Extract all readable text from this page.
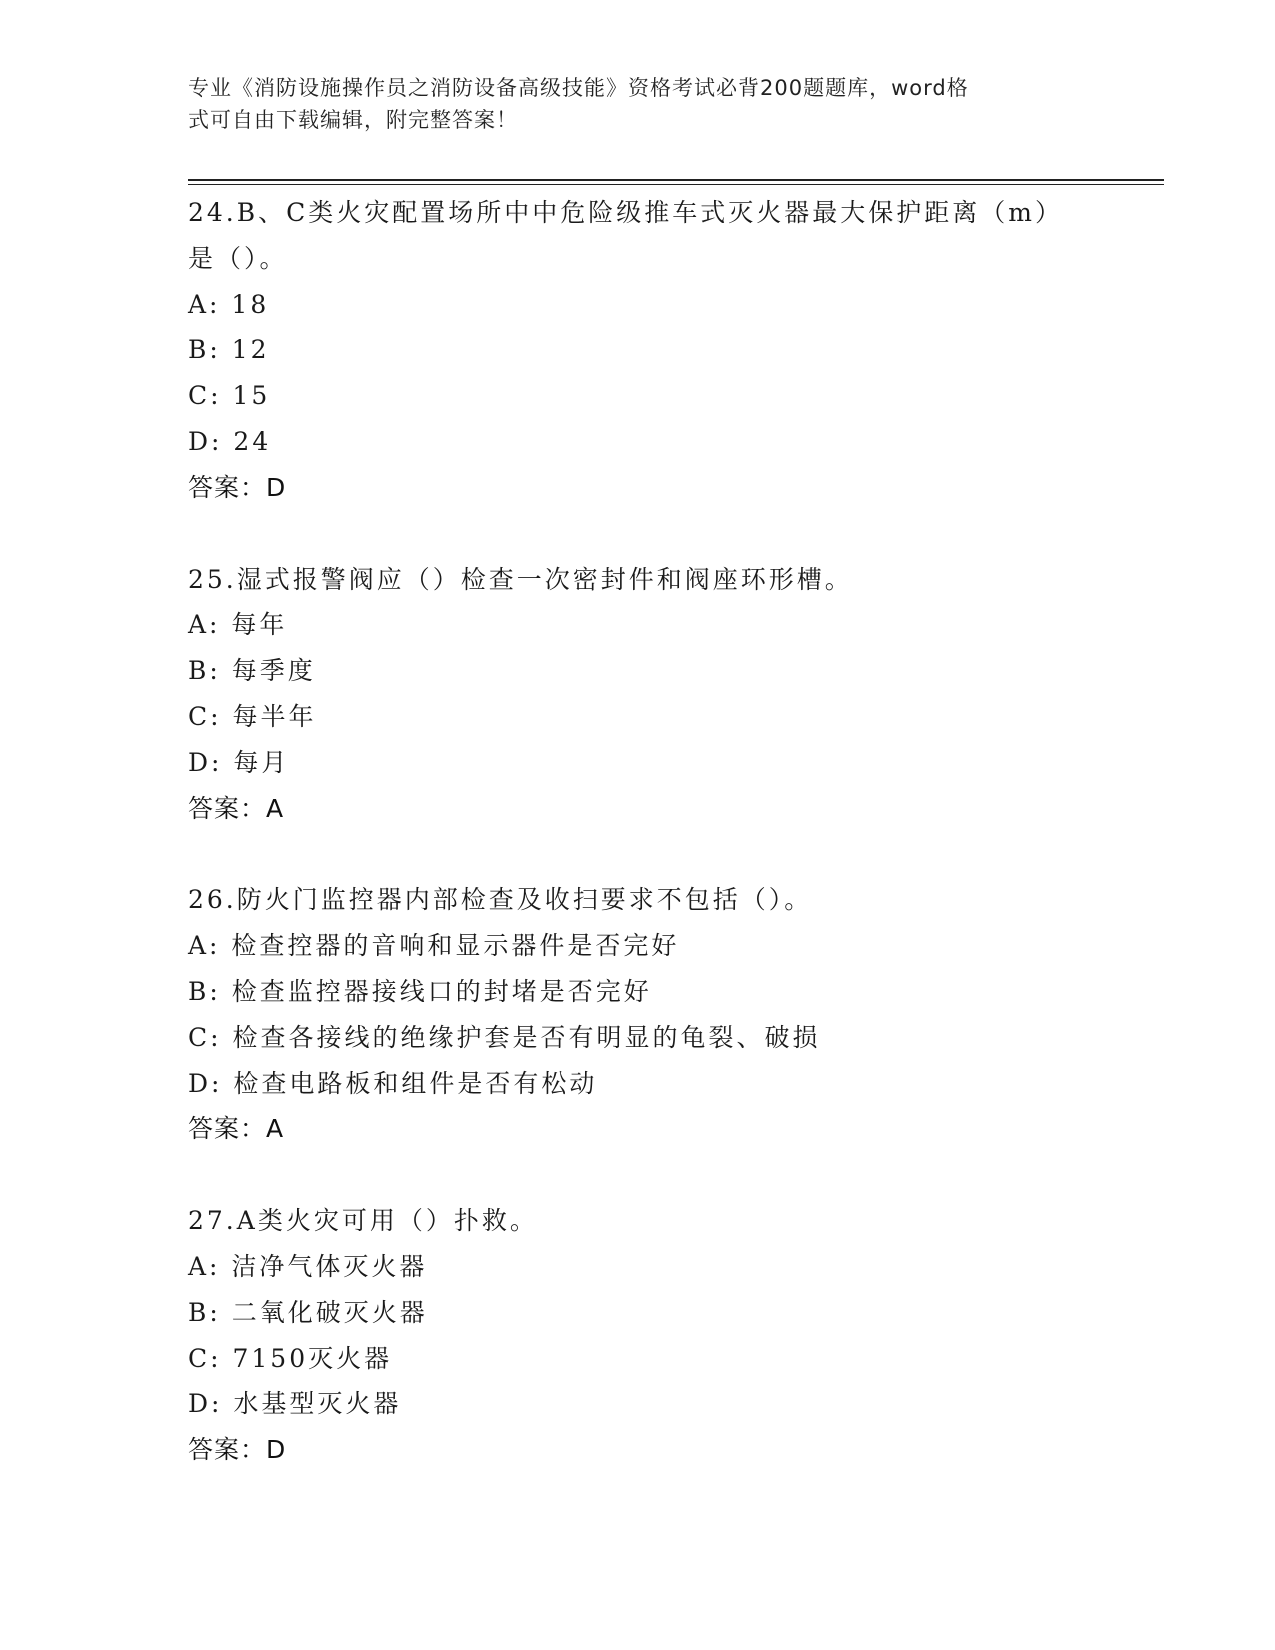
专业《消防设施操作员之消防设备高级技能》资格考试必背200题题库，word格
式可自由下载编辑，附完整答案！

24.B、C类火灾配置场所中中危险级推车式灭火器最大保护距离（m）

是（）。

A: 18

B: 12

C: 15

D: 24

答案：D

25.湿式报警阀应（）检查一次密封件和阀座环形槽。

A: 每年

B: 每季度

C: 每半年

D: 每月

答案：A

26.防火门监控器内部检查及收扫要求不包括（）。

A: 检查控器的音响和显示器件是否完好

B: 检查监控器接线口的封堵是否完好

C: 检查各接线的绝缘护套是否有明显的龟裂、破损

D: 检查电路板和组件是否有松动

答案：A

27.A类火灾可用（）扑救。

A: 洁净气体灭火器

B: 二氧化破灭火器

C: 7150灭火器

D: 水基型灭火器

答案：D
